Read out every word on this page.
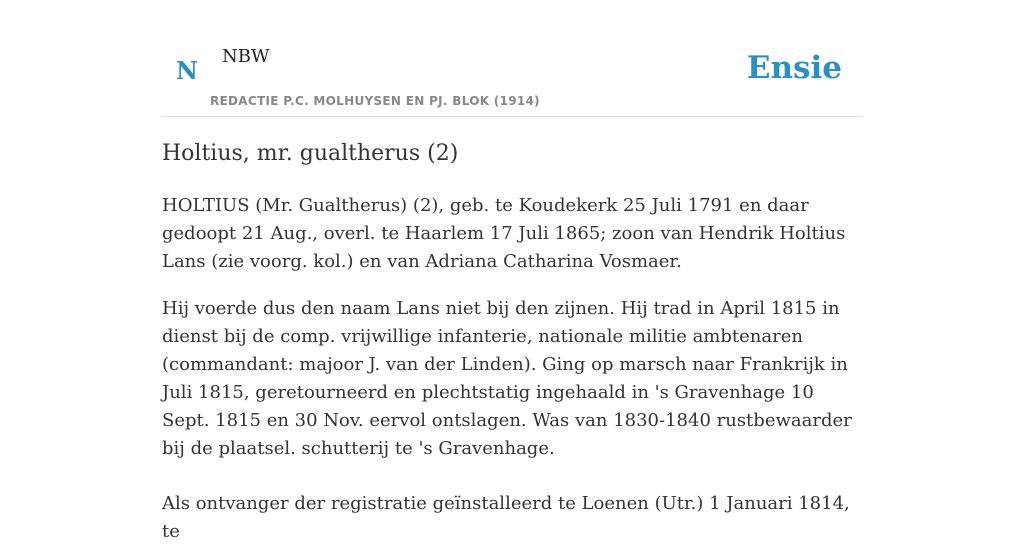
N NBW
REDACTIE P.C. MOLHUYSEN EN PJ. BLOK (1914)
Ensie
Holtius, mr. gualtherus (2)

HOLTIUS (Mr. Gualtherus) (2), geb. te Koudekerk 25 Juli 1791 en daar gedoopt 21 Aug., overl. te Haarlem 17 Juli 1865; zoon van Hendrik Holtius Lans (zie voorg. kol.) en van Adriana Catharina Vosmaer.

Hij voerde dus den naam Lans niet bij den zijnen. Hij trad in April 1815 in dienst bij de comp. vrijwillige infanterie, nationale militie ambtenaren (commandant: majoor J. van der Linden). Ging op marsch naar Frankrijk in Juli 1815, geretourneerd en plechtstatig ingehaald in 's Gravenhage 10 Sept. 1815 en 30 Nov. eervol ontslagen. Was van 1830-1840 rustbewaarder bij de plaatsel. schutterij te 's Gravenhage.

Als ontvanger der registratie geïnstalleerd te Loenen (Utr.) 1 Januari 1814, te
